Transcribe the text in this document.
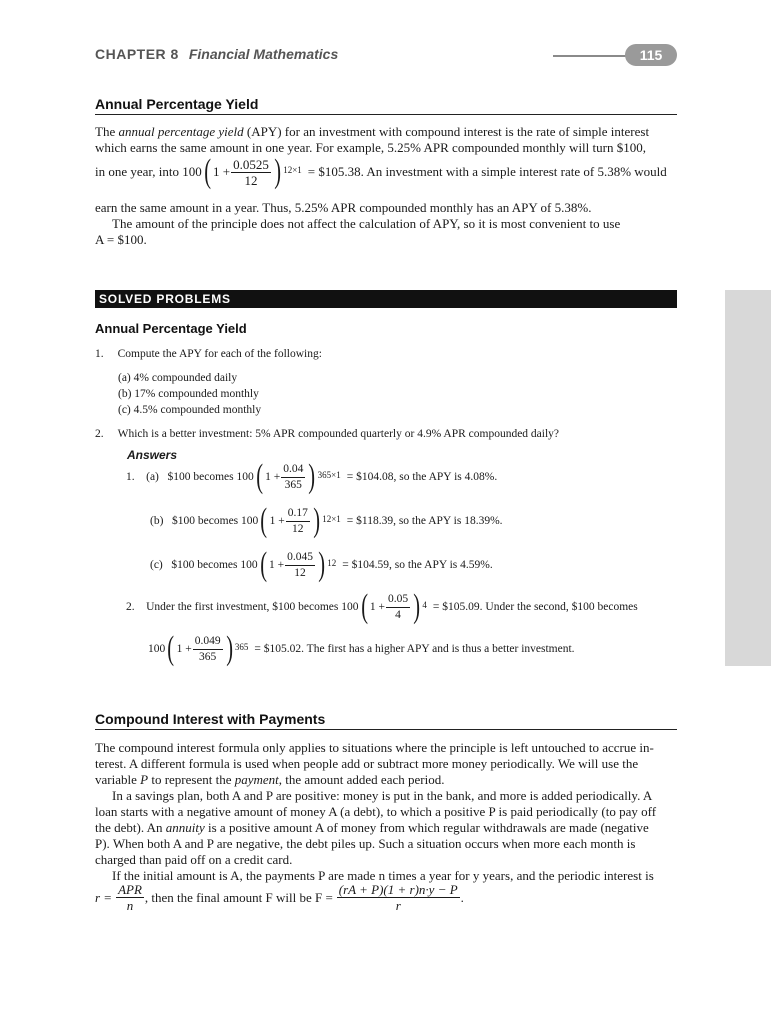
CHAPTER 8 Financial Mathematics	115
Annual Percentage Yield
The annual percentage yield (APY) for an investment with compound interest is the rate of simple interest
which earns the same amount in one year. For example, 5.25% APR compounded monthly will turn $100,
in one year, into 100 ( $1 + \frac{0.0525}{12}$ ) 12×1 = $105.38. An investment with a simple interest rate of 5.38% would
earn the same amount in a year. Thus, 5.25% APR compounded monthly has an APY of 5.38%.
The amount of the principle does not affect the calculation of APY, so it is most convenient to use
A = $100.
SOLVED PROBLEMS
Annual Percentage Yield
1. Compute the APY for each of the following:
(a) 4% compounded daily
(b) 17% compounded monthly
(c) 4.5% compounded monthly
2. Which is a better investment: 5% APR compounded quarterly or 4.9% APR compounded daily?
Answers
1.    (a)   $100 becomes 100 ( $1 + \frac{0.04}{365}$ ) 365×1 = $104.08, so the APY is 4.08%.
(b)   $100 becomes 100 ( $1 + \frac{0.17}{12}$ ) 12×1 = $118.39, so the APY is 18.39%.
(c)   $100 becomes 100 ( $1 + \frac{0.045}{12}$ ) 12 = $104.59, so the APY is 4.59%.
2.    Under the first investment, $100 becomes 100 ( $1 + \frac{0.05}{4}$ ) 4 = $105.09. Under the second, $100 becomes
100 ( $1 + \frac{0.049}{365}$ ) 365 = $105.02. The first has a higher APY and is thus a better investment.
Compound Interest with Payments
The compound interest formula only applies to situations where the principle is left untouched to accrue in-
terest. A different formula is used when people add or subtract more money periodically. We will use the
variable P to represent the payment, the amount added each period.
In a savings plan, both A and P are positive: money is put in the bank, and more is added periodically. A
loan starts with a negative amount of money A (a debt), to which a positive P is paid periodically (to pay off
the debt). An annuity is a positive amount A of money from which regular withdrawals are made (negative
P). When both A and P are negative, the debt piles up. Such a situation occurs when more each month is
charged than paid off on a credit card.
If the initial amount is A, the payments P are made n times a year for y years, and the periodic interest is
$r = \frac{\text{APR}}{n}$ , then the final amount F will be $F = \frac{(rA + P)(1 + r)n\cdot y - P}{r}$ .
